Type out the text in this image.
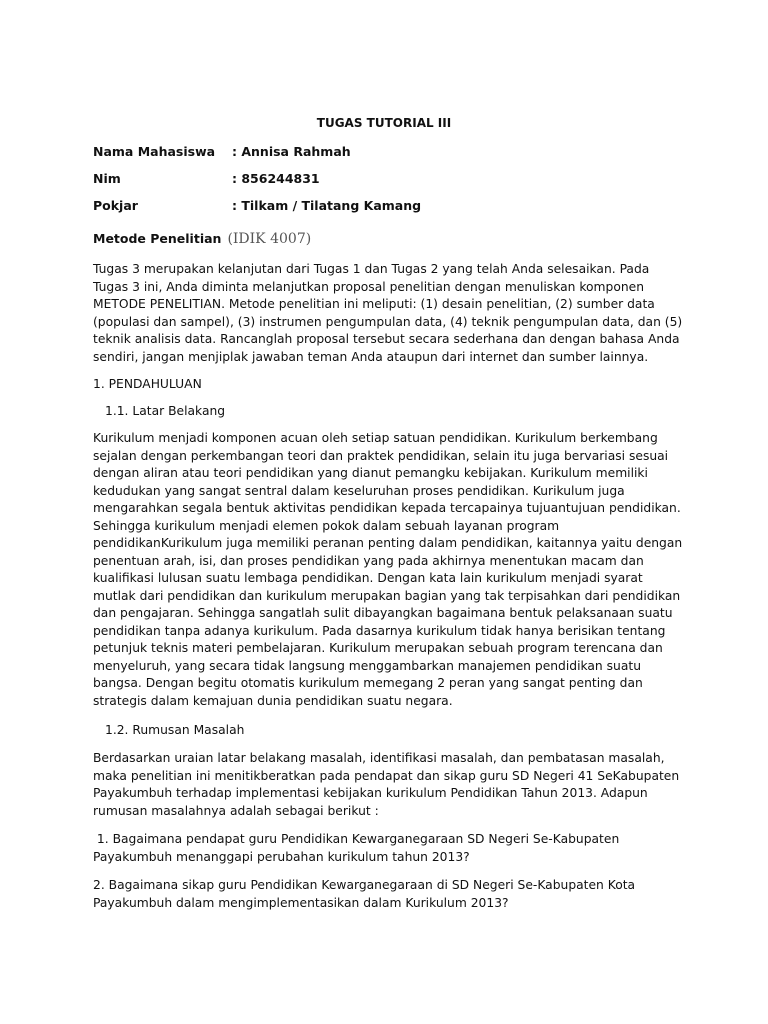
TUGAS TUTORIAL III
Nama Mahasiswa : Annisa Rahmah
Nim	: 856244831
Pokjar	: Tilkam / Tilatang Kamang
Metode Penelitian (IDIK 4007)

Tugas 3 merupakan kelanjutan dari Tugas 1 dan Tugas 2 yang telah Anda selesaikan. Pada Tugas 3 ini, Anda diminta melanjutkan proposal penelitian dengan menuliskan komponen METODE PENELITIAN. Metode penelitian ini meliputi: (1) desain penelitian, (2) sumber data (populasi dan sampel), (3) instrumen pengumpulan data, (4) teknik pengumpulan data, dan (5) teknik analisis data. Rancanglah proposal tersebut secara sederhana dan dengan bahasa Anda sendiri, jangan menjiplak jawaban teman Anda ataupun dari internet dan sumber lainnya.

1. PENDAHULUAN

1.1. Latar Belakang

Kurikulum menjadi komponen acuan oleh setiap satuan pendidikan. Kurikulum berkembang sejalan dengan perkembangan teori dan praktek pendidikan, selain itu juga bervariasi sesuai dengan aliran atau teori pendidikan yang dianut pemangku kebijakan. Kurikulum memiliki kedudukan yang sangat sentral dalam keseluruhan proses pendidikan. Kurikulum juga mengarahkan segala bentuk aktivitas pendidikan kepada tercapainya tujuantujuan pendidikan. Sehingga kurikulum menjadi elemen pokok dalam sebuah layanan program pendidikanKurikulum juga memiliki peranan penting dalam pendidikan, kaitannya yaitu dengan penentuan arah, isi, dan proses pendidikan yang pada akhirnya menentukan macam dan kualifikasi lulusan suatu lembaga pendidikan. Dengan kata lain kurikulum menjadi syarat mutlak dari pendidikan dan kurikulum merupakan bagian yang tak terpisahkan dari pendidikan dan pengajaran. Sehingga sangatlah sulit dibayangkan bagaimana bentuk pelaksanaan suatu pendidikan tanpa adanya kurikulum. Pada dasarnya kurikulum tidak hanya berisikan tentang petunjuk teknis materi pembelajaran. Kurikulum merupakan sebuah program terencana dan menyeluruh, yang secara tidak langsung menggambarkan manajemen pendidikan suatu bangsa. Dengan begitu otomatis kurikulum memegang 2 peran yang sangat penting dan strategis dalam kemajuan dunia pendidikan suatu negara.

1.2. Rumusan Masalah

Berdasarkan uraian latar belakang masalah, identifikasi masalah, dan pembatasan masalah, maka penelitian ini menitikberatkan pada pendapat dan sikap guru SD Negeri 41 SeKabupaten Payakumbuh terhadap implementasi kebijakan kurikulum Pendidikan Tahun 2013. Adapun rumusan masalahnya adalah sebagai berikut :

1. Bagaimana pendapat guru Pendidikan Kewarganegaraan SD Negeri Se-Kabupaten Payakumbuh menanggapi perubahan kurikulum tahun 2013?

2. Bagaimana sikap guru Pendidikan Kewarganegaraan di SD Negeri Se-Kabupaten Kota Payakumbuh dalam mengimplementasikan dalam Kurikulum 2013?
